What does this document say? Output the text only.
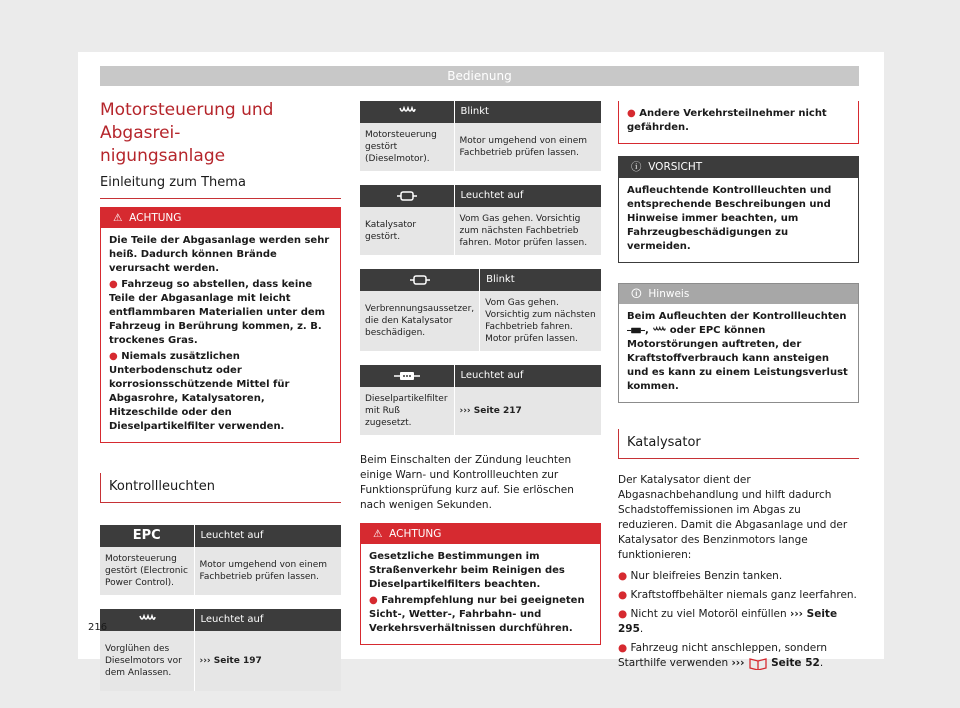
Bedienung
Motorsteuerung und Abgasrei-
nigungsanlage
Einleitung zum Thema
⚠ ACHTUNG

Die Teile der Abgasanlage werden sehr heiß. Dadurch können Brände verursacht werden.

● Fahrzeug so abstellen, dass keine Teile der Abgasanlage mit leicht entflammbaren Materialien unter dem Fahrzeug in Berührung kommen, z. B. trockenes Gras.

● Niemals zusätzlichen Unterbodenschutz oder korrosionsschützende Mittel für Abgasrohre, Katalysatoren, Hitzeschilde oder den Dieselpartikelfilter verwenden.

Kontrollleuchten
EPC	Leuchtet auf
Motorsteuerung gestört (Electronic Power Control).	Motor umgehend von einem Fachbetrieb prüfen lassen.
	Leuchtet auf
Vorglühen des Dieselmotors vor dem Anlassen.	››› Seite 197
	Blinkt
Motorsteuerung gestört (Dieselmotor).	Motor umgehend von einem Fachbetrieb prüfen lassen.
	Leuchtet auf
Katalysator gestört.	Vom Gas gehen. Vorsichtig zum nächsten Fachbetrieb fahren. Motor prüfen lassen.
	Blinkt
Verbrennungsaussetzer, die den Katalysator beschädigen.	Vom Gas gehen. Vorsichtig zum nächsten Fachbetrieb fahren. Motor prüfen lassen.
	Leuchtet auf
Dieselpartikelfilter mit Ruß zugesetzt.	››› Seite 217

Beim Einschalten der Zündung leuchten einige Warn- und Kontrollleuchten zur Funktionsprüfung kurz auf. Sie erlöschen nach wenigen Sekunden.

⚠ ACHTUNG

Gesetzliche Bestimmungen im Straßenverkehr beim Reinigen des Dieselpartikelfilters beachten.

● Fahrempfehlung nur bei geeigneten Sicht-, Wetter-, Fahrbahn- und Verkehrsverhältnissen durchführen.

● Andere Verkehrsteilnehmer nicht gefährden.

ⓘ VORSICHT
Aufleuchtende Kontrollleuchten und entsprechende Beschreibungen und Hinweise immer beachten, um Fahrzeugbeschädigungen zu vermeiden.
🛈 Hinweis
Beim Aufleuchten der Kontrollleuchten ,  oder EPC können Motorstörungen auftreten, der Kraftstoffverbrauch kann ansteigen und es kann zu einem Leistungsverlust kommen.
Katalysator

Der Katalysator dient der Abgasnachbehandlung und hilft dadurch Schadstoffemissionen im Abgas zu reduzieren. Damit die Abgasanlage und der Katalysator des Benzinmotors lange funktionieren:

● Nur bleifreies Benzin tanken.
● Kraftstoffbehälter niemals ganz leerfahren.
● Nicht zu viel Motoröl einfüllen ››› Seite 295.
● Fahrzeug nicht anschleppen, sondern Starthilfe verwenden ›››	Seite 52.
216
